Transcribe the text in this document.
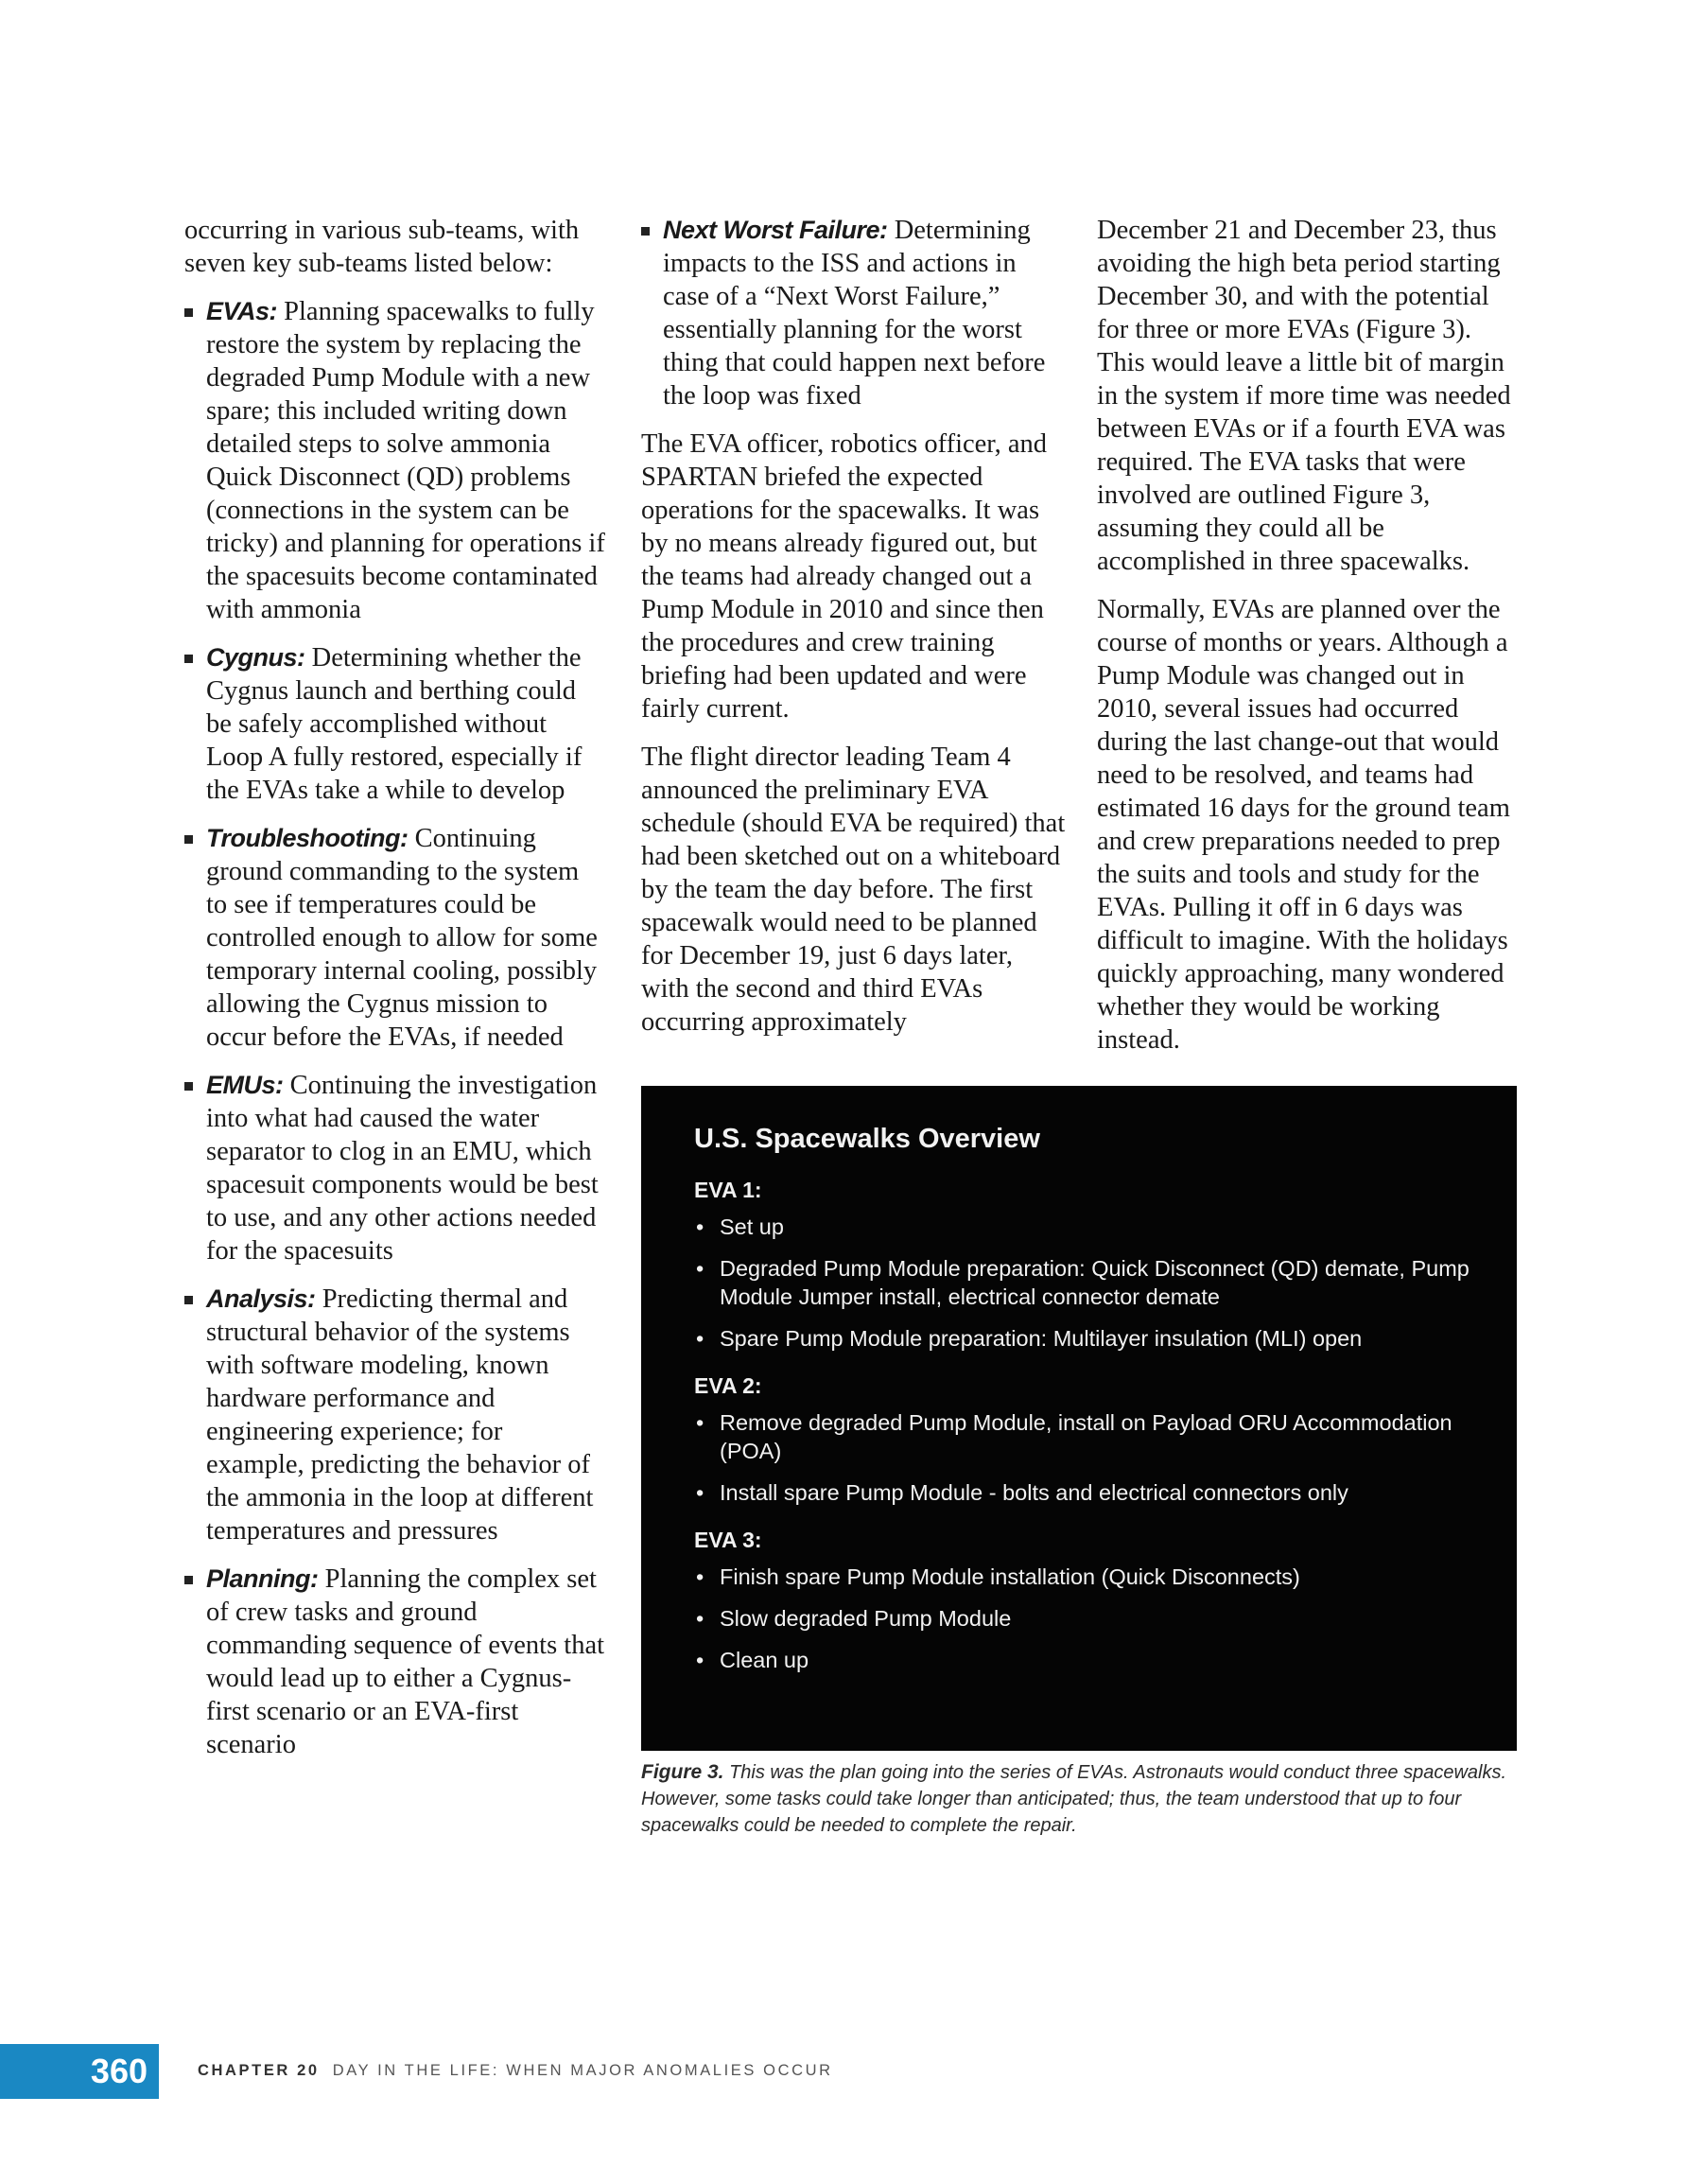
occurring in various sub-teams, with seven key sub-teams listed below:

EVAs: Planning spacewalks to fully restore the system by replacing the degraded Pump Module with a new spare; this included writing down detailed steps to solve ammonia Quick Disconnect (QD) problems (connections in the system can be tricky) and planning for operations if the spacesuits become contaminated with ammonia
Cygnus: Determining whether the Cygnus launch and berthing could be safely accomplished without Loop A fully restored, especially if the EVAs take a while to develop
Troubleshooting: Continuing ground commanding to the system to see if temperatures could be controlled enough to allow for some temporary internal cooling, possibly allowing the Cygnus mission to occur before the EVAs, if needed
EMUs: Continuing the investigation into what had caused the water separator to clog in an EMU, which spacesuit components would be best to use, and any other actions needed for the spacesuits
Analysis: Predicting thermal and structural behavior of the systems with software modeling, known hardware performance and engineering experience; for example, predicting the behavior of the ammonia in the loop at different temperatures and pressures
Planning: Planning the complex set of crew tasks and ground commanding sequence of events that would lead up to either a Cygnus-first scenario or an EVA-first scenario
Next Worst Failure: Determining impacts to the ISS and actions in case of a “Next Worst Failure,” essentially planning for the worst thing that could happen next before the loop was fixed

The EVA officer, robotics officer, and SPARTAN briefed the expected operations for the spacewalks. It was by no means already figured out, but the teams had already changed out a Pump Module in 2010 and since then the procedures and crew training briefing had been updated and were fairly current.

The flight director leading Team 4 announced the preliminary EVA schedule (should EVA be required) that had been sketched out on a whiteboard by the team the day before. The first spacewalk would need to be planned for December 19, just 6 days later, with the second and third EVAs occurring approximately

December 21 and December 23, thus avoiding the high beta period starting December 30, and with the potential for three or more EVAs (Figure 3). This would leave a little bit of margin in the system if more time was needed between EVAs or if a fourth EVA was required. The EVA tasks that were involved are outlined Figure 3, assuming they could all be accomplished in three spacewalks.

Normally, EVAs are planned over the course of months or years. Although a Pump Module was changed out in 2010, several issues had occurred during the last change-out that would need to be resolved, and teams had estimated 16 days for the ground team and crew preparations needed to prep the suits and tools and study for the EVAs. Pulling it off in 6 days was difficult to imagine. With the holidays quickly approaching, many wondered whether they would be working instead.

U.S. Spacewalks Overview
EVA 1:
• Set up
• Degraded Pump Module preparation: Quick Disconnect (QD) demate, Pump Module Jumper install, electrical connector demate
• Spare Pump Module preparation: Multilayer insulation (MLI) open
EVA 2:
• Remove degraded Pump Module, install on Payload ORU Accommodation (POA)
• Install spare Pump Module - bolts and electrical connectors only
EVA 3:
• Finish spare Pump Module installation (Quick Disconnects)
• Slow degraded Pump Module
• Clean up
Figure 3. This was the plan going into the series of EVAs. Astronauts would conduct three spacewalks. However, some tasks could take longer than anticipated; thus, the team understood that up to four spacewalks could be needed to complete the repair.
360	CHAPTER 20 DAY IN THE LIFE: WHEN MAJOR ANOMALIES OCCUR
